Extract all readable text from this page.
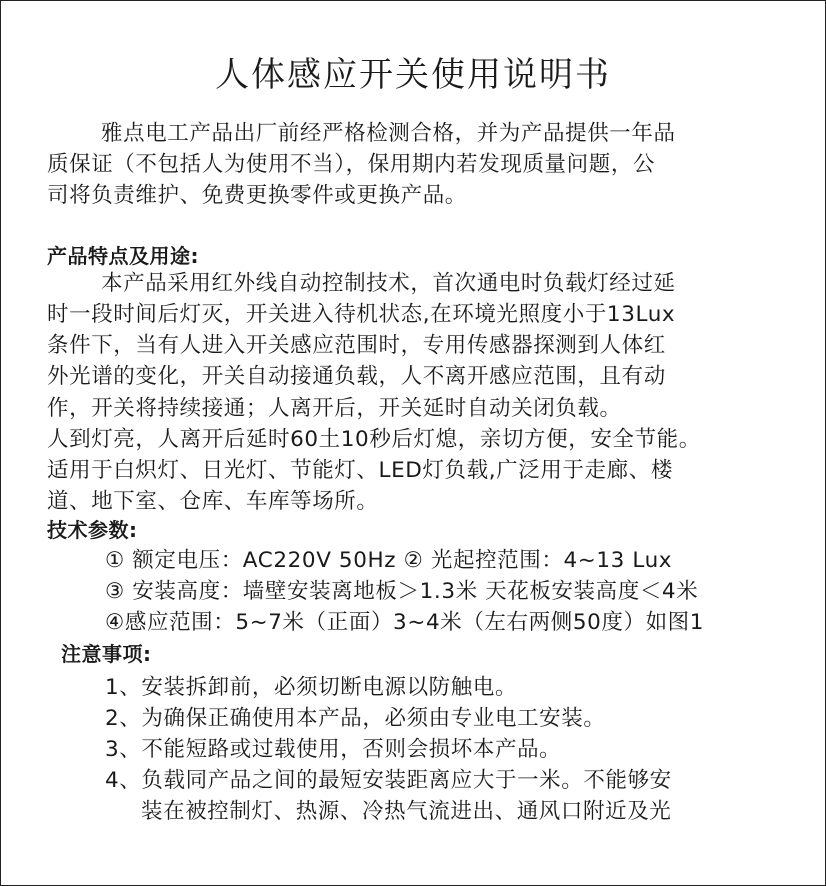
人体感应开关使用说明书
雅点电工产品出厂前经严格检测合格，并为产品提供一年品
质保证（不包括人为使用不当），保用期内若发现质量问题，公
司将负责维护、免费更换零件或更换产品。
产品特点及用途:
本产品采用红外线自动控制技术，首次通电时负载灯经过延
时一段时间后灯灭，开关进入待机状态,在环境光照度小于13Lux
条件下，当有人进入开关感应范围时，专用传感器探测到人体红
外光谱的变化，开关自动接通负载，人不离开感应范围，且有动
作，开关将持续接通；人离开后，开关延时自动关闭负载。
人到灯亮，人离开后延时60土10秒后灯熄，亲切方便，安全节能。
适用于白炽灯、日光灯、节能灯、LED灯负载,广泛用于走廊、楼
道、地下室、仓库、车库等场所。
技术参数:
① 额定电压：AC220V 50Hz ② 光起控范围：4~13 Lux
③ 安装高度：墙壁安装离地板＞1.3米 天花板安装高度＜4米
④感应范围：5~7米（正面）3~4米（左右两侧50度）如图1
注意事项:
1、安装拆卸前，必须切断电源以防触电。
2、为确保正确使用本产品，必须由专业电工安装。
3、不能短路或过载使用，否则会损坏本产品。
4、负载同产品之间的最短安装距离应大于一米。不能够安
装在被控制灯、热源、冷热气流进出、通风口附近及光
